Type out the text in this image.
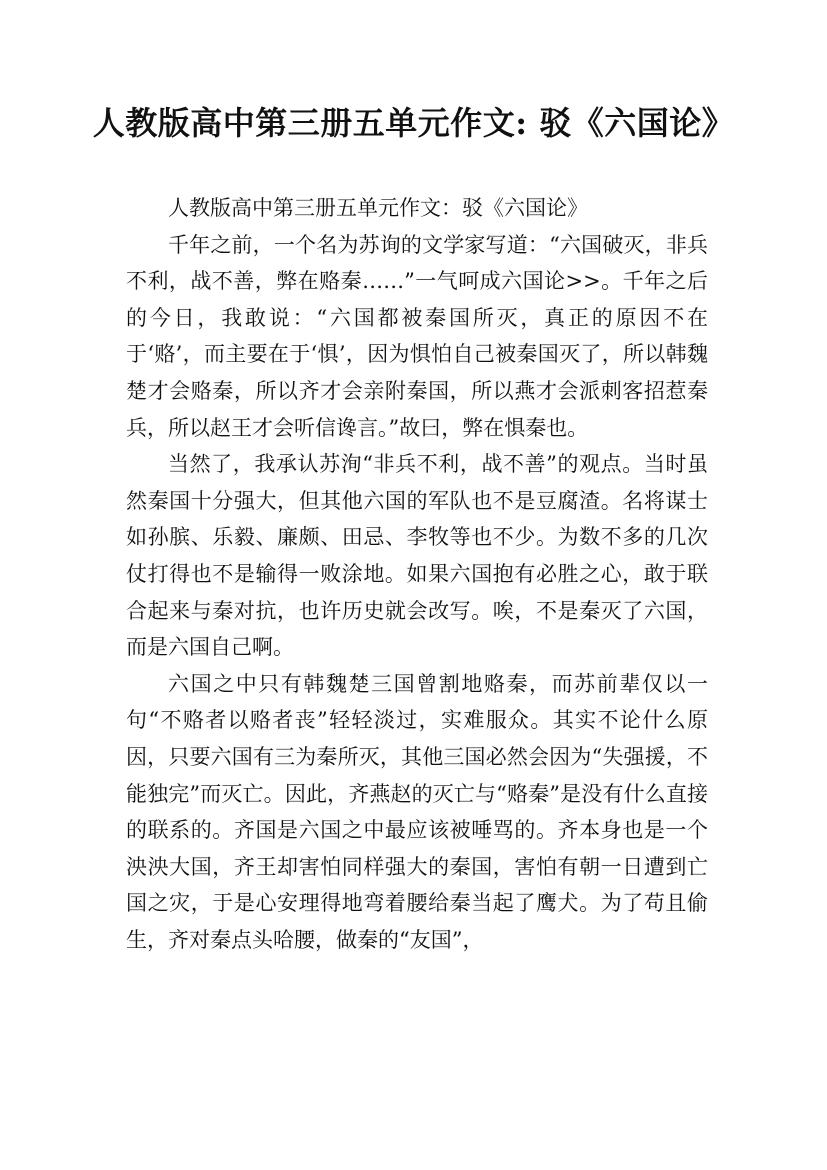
人教版高中第三册五单元作文: 驳《六国论》

人教版高中第三册五单元作文：驳《六国论》

千年之前，一个名为苏询的文学家写道：“六国破灭，非兵不利，战不善，弊在赂秦……”一气呵成六国论>>。千年之后的今日，我敢说：“六国都被秦国所灭，真正的原因不在于‘赂’，而主要在于‘惧’，因为惧怕自己被秦国灭了，所以韩魏楚才会赂秦，所以齐才会亲附秦国，所以燕才会派刺客招惹秦兵，所以赵王才会听信谗言。”故曰，弊在惧秦也。

当然了，我承认苏洵“非兵不利，战不善”的观点。当时虽然秦国十分强大，但其他六国的军队也不是豆腐渣。名将谋士如孙膑、乐毅、廉颇、田忌、李牧等也不少。为数不多的几次仗打得也不是输得一败涂地。如果六国抱有必胜之心，敢于联合起来与秦对抗，也许历史就会改写。唉，不是秦灭了六国，而是六国自己啊。

六国之中只有韩魏楚三国曾割地赂秦，而苏前辈仅以一句“不赂者以赂者丧”轻轻淡过，实难服众。其实不论什么原因，只要六国有三为秦所灭，其他三国必然会因为“失强援，不能独完”而灭亡。因此，齐燕赵的灭亡与“赂秦”是没有什么直接的联系的。齐国是六国之中最应该被唾骂的。齐本身也是一个泱泱大国，齐王却害怕同样强大的秦国，害怕有朝一日遭到亡国之灾，于是心安理得地弯着腰给秦当起了鹰犬。为了苟且偷生，齐对秦点头哈腰，做秦的“友国”，
